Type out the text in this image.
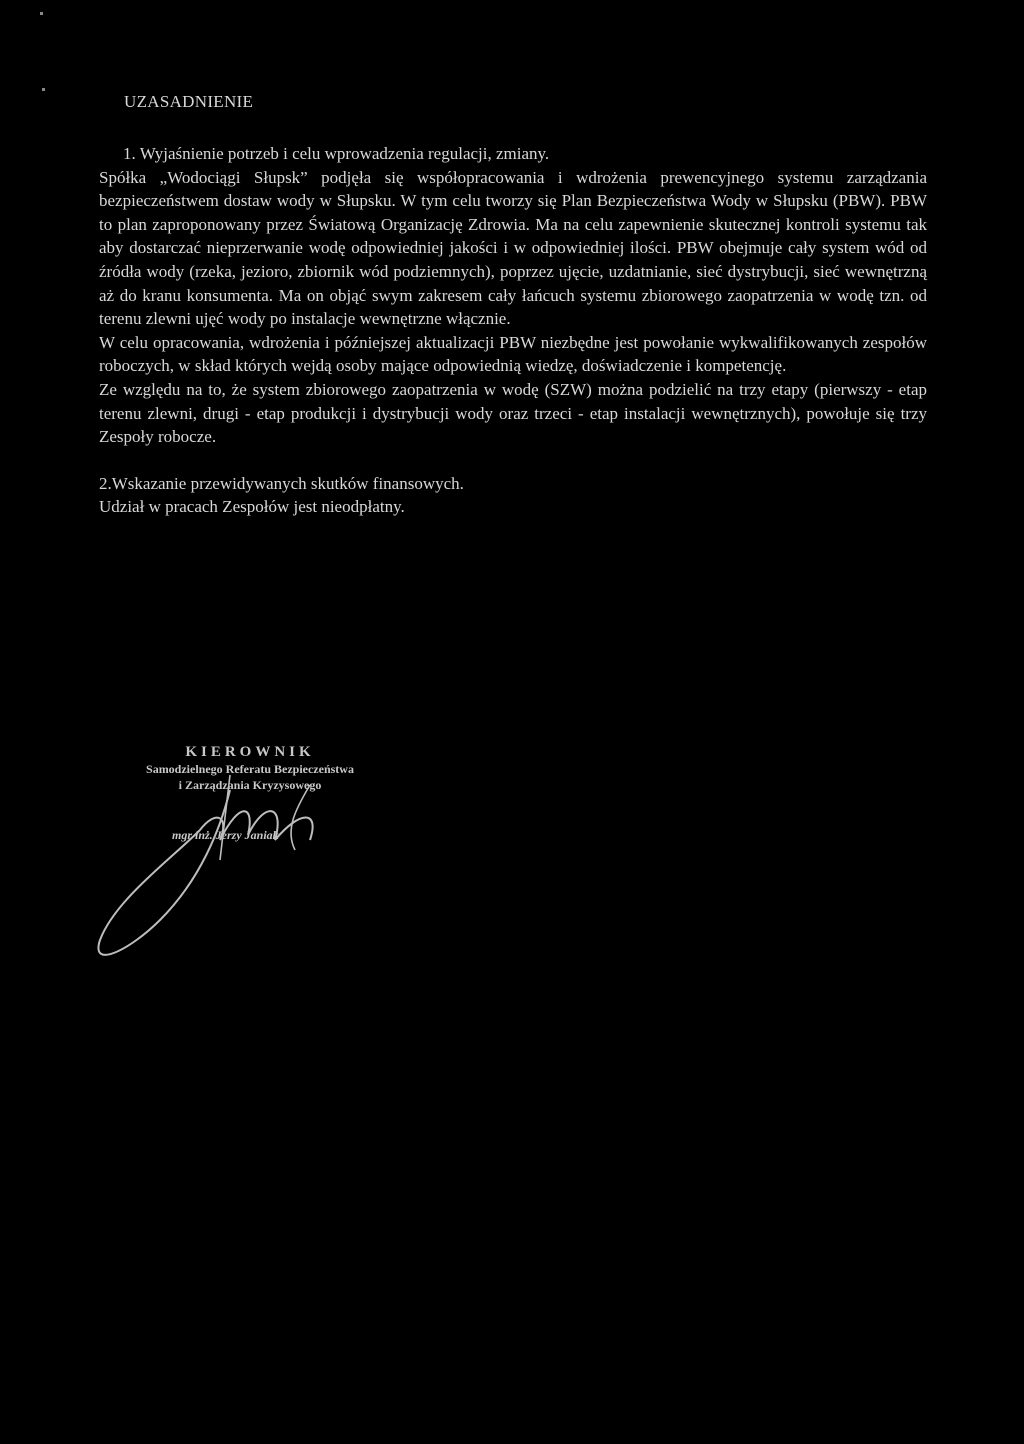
UZASADNIENIE

1. Wyjaśnienie potrzeb i celu wprowadzenia regulacji, zmiany.

Spółka „Wodociągi Słupsk” podjęła się współopracowania i wdrożenia prewencyjnego systemu zarządzania bezpieczeństwem dostaw wody w Słupsku. W tym celu tworzy się Plan Bezpieczeństwa Wody w Słupsku (PBW). PBW to plan zaproponowany przez Światową Organizację Zdrowia. Ma na celu zapewnienie skutecznej kontroli systemu tak aby dostarczać nieprzerwanie wodę odpowiedniej jakości i w odpowiedniej ilości. PBW obejmuje cały system wód od źródła wody (rzeka, jezioro, zbiornik wód podziemnych), poprzez ujęcie, uzdatnianie, sieć dystrybucji, sieć wewnętrzną aż do kranu konsumenta. Ma on objąć swym zakresem cały łańcuch systemu zbiorowego zaopatrzenia w wodę tzn. od terenu zlewni ujęć wody po instalacje wewnętrzne włącznie.

W celu opracowania, wdrożenia i późniejszej aktualizacji PBW niezbędne jest powołanie wykwalifikowanych zespołów roboczych, w skład których wejdą osoby mające odpowiednią wiedzę, doświadczenie i kompetencję.

Ze względu na to, że system zbiorowego zaopatrzenia w wodę (SZW) można podzielić na trzy etapy (pierwszy - etap terenu zlewni, drugi - etap produkcji i dystrybucji wody oraz trzeci - etap instalacji wewnętrznych), powołuje się trzy Zespoły robocze.

2.Wskazanie przewidywanych skutków finansowych.

Udział w pracach Zespołów jest nieodpłatny.

KIEROWNIK
Samodzielnego Referatu Bezpieczeństwa
i Zarządzania Kryzysowego
mgr inż. Jerzy Janiak
